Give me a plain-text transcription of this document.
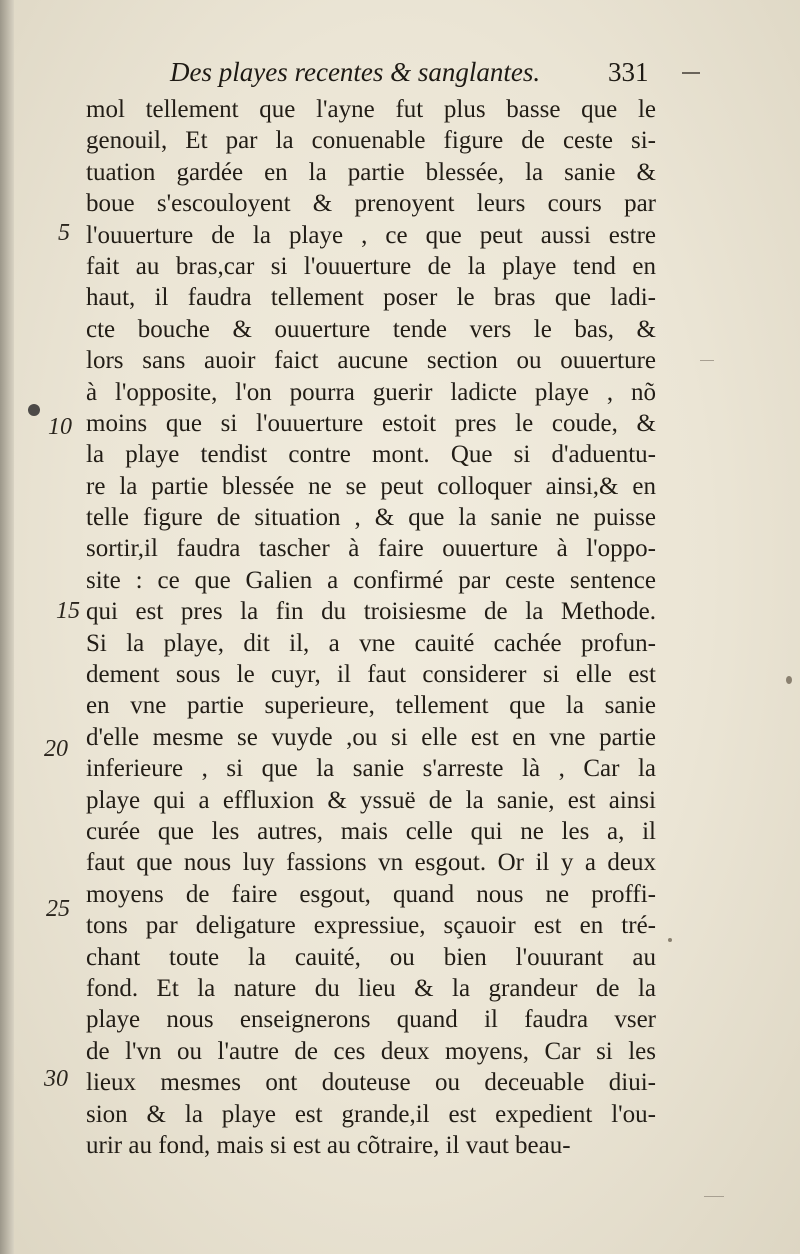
Des playes recentes & sanglantes.	331
5
10
15
20
25
30
mol tellement que l'ayne fut plus basse que le
genouil, Et par la conuenable figure de ceste si-
tuation gardée en la partie blessée, la sanie &
boue s'escouloyent & prenoyent leurs cours par
l'ouuerture de la playe , ce que peut aussi estre
fait au bras,car si l'ouuerture de la playe tend en
haut, il faudra tellement poser le bras que ladi-
cte bouche & ouuerture tende vers le bas, &
lors sans auoir faict aucune section ou ouuerture
à l'opposite, l'on pourra guerir ladicte playe , nõ
moins que si l'ouuerture estoit pres le coude, &
la playe tendist contre mont. Que si d'aduentu-
re la partie blessée ne se peut colloquer ainsi,& en
telle figure de situation , & que la sanie ne puisse
sortir,il faudra tascher à faire ouuerture à l'oppo-
site : ce que Galien a confirmé par ceste sentence
qui est pres la fin du troisiesme de la Methode.
Si la playe, dit il, a vne cauité cachée profun-
dement sous le cuyr, il faut considerer si elle est
en vne partie superieure, tellement que la sanie
d'elle mesme se vuyde ,ou si elle est en vne partie
inferieure , si que la sanie s'arreste là , Car la
playe qui a effluxion & yssuë de la sanie, est ainsi
curée que les autres, mais celle qui ne les a, il
faut que nous luy fassions vn esgout. Or il y a deux
moyens de faire esgout, quand nous ne proffi-
tons par deligature expressiue, sçauoir est en tré-
chant toute la cauité, ou bien l'ouurant au
fond. Et la nature du lieu & la grandeur de la
playe nous enseignerons quand il faudra vser
de l'vn ou l'autre de ces deux moyens, Car si les
lieux mesmes ont douteuse ou deceuable diui-
sion & la playe est grande,il est expedient l'ou-
urir au fond, mais si est au cõtraire, il vaut beau-
